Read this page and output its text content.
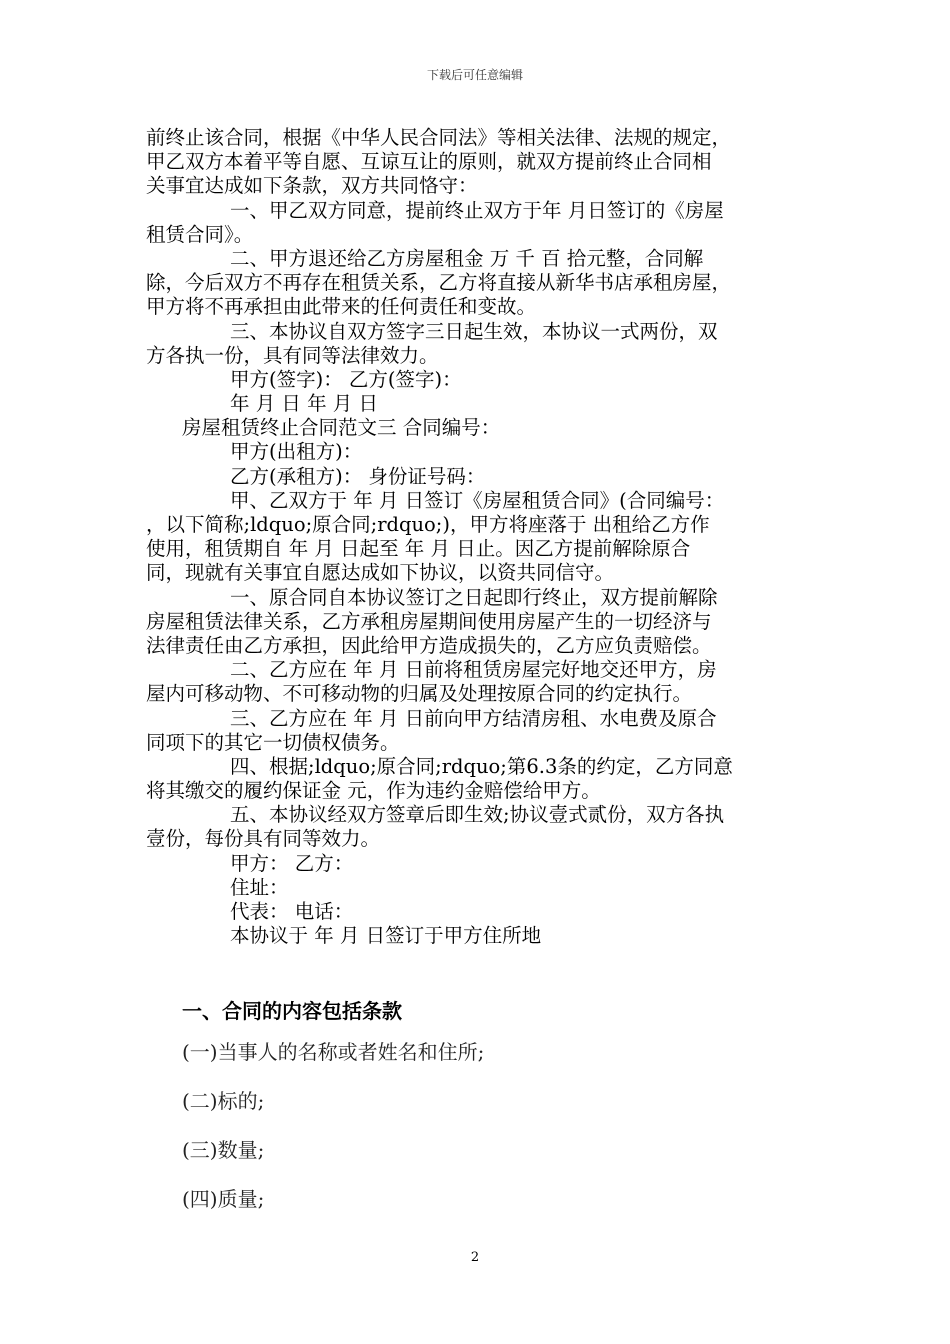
下载后可任意编辑
前终止该合同，根据《中华人民合同法》等相关法律、法规的规定，
甲乙双方本着平等自愿、互谅互让的原则，就双方提前终止合同相
关事宜达成如下条款，双方共同恪守：
一、甲乙双方同意，提前终止双方于年 月日签订的《房屋
租赁合同》。
二、甲方退还给乙方房屋租金 万 千 百 拾元整，合同解
除，今后双方不再存在租赁关系，乙方将直接从新华书店承租房屋，
甲方将不再承担由此带来的任何责任和变故。
三、本协议自双方签字三日起生效，本协议一式两份，双
方各执一份，具有同等法律效力。
甲方(签字)： 乙方(签字)：
年 月 日 年 月 日
房屋租赁终止合同范文三 合同编号：
甲方(出租方)：
乙方(承租方)： 身份证号码：
甲、乙双方于 年 月 日签订《房屋租赁合同》(合同编号：
，以下简称;ldquo;原合同;rdquo;)，甲方将座落于 出租给乙方作
使用，租赁期自 年 月 日起至 年 月 日止。因乙方提前解除原合
同，现就有关事宜自愿达成如下协议，以资共同信守。
一、原合同自本协议签订之日起即行终止，双方提前解除
房屋租赁法律关系，乙方承租房屋期间使用房屋产生的一切经济与
法律责任由乙方承担，因此给甲方造成损失的，乙方应负责赔偿。
二、乙方应在 年 月 日前将租赁房屋完好地交还甲方，房
屋内可移动物、不可移动物的归属及处理按原合同的约定执行。
三、乙方应在 年 月 日前向甲方结清房租、水电费及原合
同项下的其它一切债权债务。
四、根据;ldquo;原合同;rdquo;第6.3条的约定，乙方同意
将其缴交的履约保证金 元，作为违约金赔偿给甲方。
五、本协议经双方签章后即生效;协议壹式贰份，双方各执
壹份，每份具有同等效力。
甲方： 乙方：
住址：
代表： 电话：
本协议于 年 月 日签订于甲方住所地
一、合同的内容包括条款
(一)当事人的名称或者姓名和住所;
(二)标的;
(三)数量;
(四)质量;
2
